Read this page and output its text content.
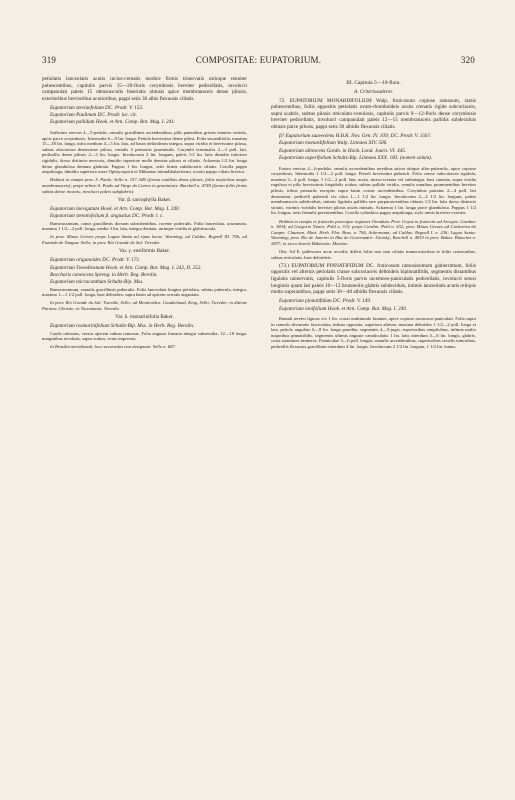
319	COMPOSITAE: EUPATORIUM.	320

petiolatis lanceolatis acutis inciso-crenatis modice firmis trinervatis utrinque tenuiter pubescentibus, capitulis parvis 15—20-floris corymbosis breviter pedicellatis, involucri campanulati paleis 15 obtusiusculis biseriatis obtusis apice membranaceis dense pilosis, exterioribus brevioribus acutioribus, pappi setis 30 albis flexuosis ciliatis.

Eupatorium steviaefolium DC. Prodr. V. 153.

Eupatorium Paulinum DC. Prodr. loc. cit.

Eupatorium pallidum Hook. et Arn. Comp. Bot. Mag. I. 241.

Suffrutex erectus 4—5-pedalis, ramulis gracillimis ascendentibus, pilis patentibus griseis tenuiter vestitis, apice parce corymbosis. Internodia 6—9 lin. longa. Petiola brevissimi dense pilosi. Folia secundifolia, maxima 15—18 lin. longa, infra medium 4—5 lin. lata, ad basin deltoideum integra, supra viridia et brevissime pilosa, subtus obscuriora densissime pilosa, venulis 3 primariis prominulis. Corymbi terminales 2—3 poll. lati, pedicellis dense pilosis 2—3 lin. longis. Involucrum 2 lin. longum, paleis 1/2 lin. latis dimidio inferiore rigidulis, dorso distincte nervosis, dimidio superiore molle densius pilosis et ciliatis. Achaenia 1/2 lin. longa dense glandulosa demum glabrata. Pappus 1 lin. longus, setis firmis subdiscretis ciliatis. Corolla pappo aequilonga, dimidio superiore more Ophryosporii et Mikaniae infundibulaeformi, ovario pappo ciliato brevior.

Habitat in campis prov. S. Paulo: Sello n. 157, 685 (forma caulibus dense pilosis; foliis majoribus magis membranaceis); prope urbem S. Paulo ad Varge do Carmo in graminosis: Burchell n. 4749 (forma foliis firmis subtus dense incanis; involucri paleis subglabris).

Var. β. sarcophylla Baker.

Eupatorium laevigatum Hook. et Arn. Comp. Bot. Mag. I. 240.

Eupatorium stenolofolium β. angustius DC. Prodr. l. c.

Ramosissimum, ramis gracillimis dorsum subrubentibus, raceme puberulis. Folia lanceolata, acuminata, maxima 1 1/2—2 poll. longa, media 3 lin. lata, integra dentata, utrinque viridia et glabriuscula.

In prov. Minas Geraes prope Lagoa Santa ad ripas lacus: Warming; ad Caldas: Regnell III. 70b; ad Fazenda de Tangua: Sello; in prov. Rio Grande do Sul: Tweedie.

Var. γ. ensiformis Baker.

Eupatorium origanoides DC. Prodr. V. 171.

Eupatorium Tweedieanum Hook. et Arn. Comp. Bot. Mag. I. 242, II. 252.

Baccharis canescens Spreng. in Herb. Reg. Berolin.

Eupatorium micracanthum Schultz-Bip. Mss.

Ramosissimum, ramulis gracillimis puberulis. Folia lanceolata longius petiolata, subtus puberula, integra, maxima 1—1 1/2 poll. longa, basi deltoidea, supra basin ad apicem serratis angustata.

In prov. Rio Grande do Sul: Tweedie, Sello; ad Montevideo: Gaudichaud, King, Sello; Tweedie; in ditione Parana: Christie; in Tucumania: Tweedie.

Var. δ. rosmarinifolia Baker.

Eupatorium rosmarinifolium Schultz-Bip. Mss. in Herb. Reg. Berolin.

Caulis robustus, versus apicem subtus ramosus. Folia angusta linearia integra subsessilia, 12—18 longa, marginibus revolutis, supra scabra, venis impressis.

In Brasilia meridionali, loco accuratius non designato: Sello n. 687.

III. Capitula 5—10-flora.

A. Criteriosaderm.

72. EUPATORIUM MONARDIFOLIUM Walp. fruticosum copiose ramosum, ramis pubescentibus, foliis oppositis petiolatis ovato-rhomboideis acutis crenatis rigide subcoriaceis, supra scabris, subtus pilosis reticulato-venulosis, capitulis parvis 9—12-floris dense corymbosis breviter pedicellatis, involucri campanulati paleis 12—15 membranaceis pallidis subdeciduis obtusis parce pilosis, pappi setis 30 albidis flexuosis ciliatis.

β? Eupatorium suaveolens H.B.K. Nov. Gen. IV. 109; DC. Prodr. V. 156?.

Eupatorium monardifolium Walp. Linnaea XIV. 506.

Eupatorium albescens Gardn. in Hook. Lond. Journ. VI. 445.

Eupatorium asperifolium Schultz-Bip. Linnaea XXX. 183. (nomen solum).

Frutex erectus 4—6-pedalis, ramulis ascendentibus teretibus stricte ubique albo-puberulis, apice copiose corymbosis. Internodia 1 1/2—2 poll. longa. Petioli brevissimi puberuli. Folia crasse subcoriacea rigidula, maxima 3—4 poll. longa, 1 1/2—2 poll. lata, acuta, inciso-crenata vel subintegra, basi cuneata, supra viridia rugulosa et pilis brevissimis hispidulis scabra, subtus pallide viridia, venulis omnibus prominentibus breviter pilosis, tribus primariis exceptis supra basin costae ascendentibus. Corymbus pariatus 2—4 poll. lati densissimi; pedicelli puberuli vix ultra 1—1 1/2 lin. longis. Involucrum 2—2 1/2 lin. longum, paleis membranaceis subdeciduis, intimis ligulatis pallidis rare purpurascentibus obtusis 1/2 lin. latis dorso distincte striatis, extimis viridulis breviter pilosis acutis minutis. Achaenia 1 lin. longa parce glandulosa. Pappus 1 1/2 lin. longus, setis firmulis persistentibus. Corolla cylindrica pappo aequilonga, stylo ramis breviter exsertis.

Habitat in campis et fruticetis praecipue regiones Oreadum. Prov. Goyaz in fruticetis ad Arrayas: Gardner n. 3834; ad Gregorio Nunes: Pohl n. 315; prope Cardim: Pohl n. 432; prov. Minas Geraes ad Cachoeira do Campo: Claussen, Mart. Herb. Flor. Bras. n. 706, Ackermann; ad Caldas: Regnell I. n. 236; Lagoa Santa: Warming; prov. Rio de Janeiro in Ilha do Governador: Lhotsky; Burchell n. 4810 in prov. Bahia: Blanchet n. 2857; in sicco deserti Bahiensis: Martius.

Obs. Ad E. pallescens arcte accedit; differt foliis non tam ciliatis numerosioribus et foliis crassioribus, subtus reticulatis, basi deltoideis.

(73.) EUPATORIUM PINNATIFIDUM DC. fruticosum ramosissimum glaberrimum, foliis oppositis vel alternis petiolatis crasse subcoriaceis deltoideis bipinnatifidis, segmentis distantibus ligulatis uninervatis, capitulis 5-floris parvis racemoso-paniculatis pedicellatis, involucri setosi longioris quam lati paleis 10—12 brunneolis glabris subdeciduis, intimis lanceolatis acutis reliquis multo superantibus, pappi setis 30—40 albidis flexuosis ciliatis.

Eupatorium pinnatifidum DC. Prodr. V. 149.

Eupatorium ionifolium Hook. et Arn. Comp. Bot. Mag. I. 240.

Ramuli teretes lignosi vix 1 lin. crassi multimodo brunnei, apice copiose racemoso-paniculati. Folia supra in ramulis decurtatis fasciculata, infima opposita, superiora alterna, maxima deltoidea 1 1/2—2 poll. longa et lata, petiolo angulato 6—8 lin. longo praedita, segmentis 4—5-jugis, superioribus simplicibus, infimis multo majoribus pinnatifidis, segmentis ultimis anguste canaliculatis 1 lin. latis interdum 3—6 lin. longis, glabris, costa straminea immersa. Panniculae 3—6 poll. longae, ramulis ascendentibus, superioribus sessilis minoribus, pedicellis flexuosis gracillimis interdum 4 lin. longis. Involucrum 2 1/2 lin. longum, 1 1/2 lin. latum,
